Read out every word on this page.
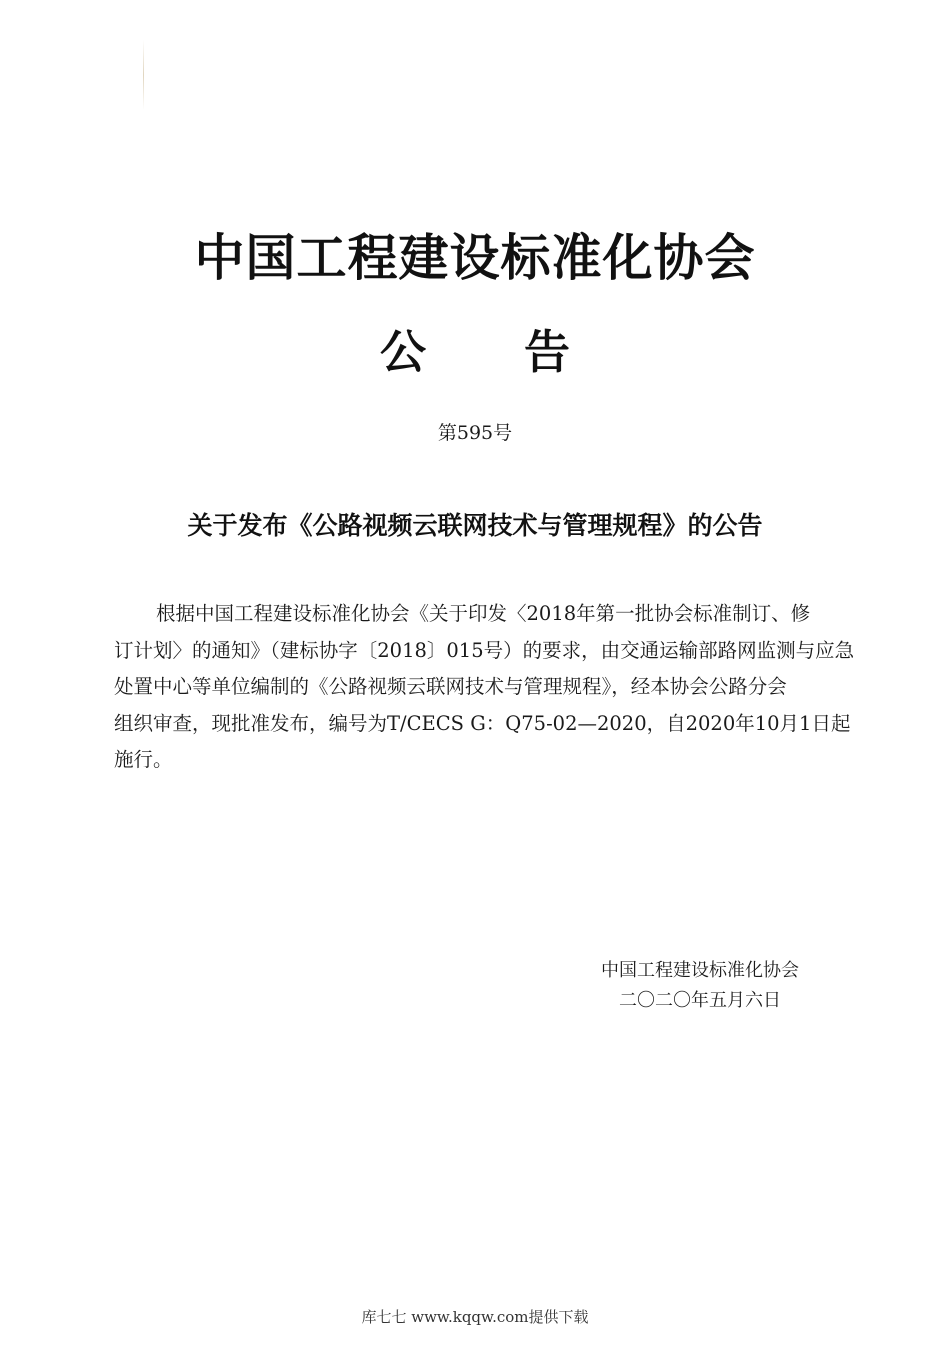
中国工程建设标准化协会
公 告
第595号
关于发布《公路视频云联网技术与管理规程》的公告
根据中国工程建设标准化协会《关于印发〈2018年第一批协会标准制订、修
订计划〉的通知》（建标协字〔2018〕015号）的要求，由交通运输部路网监测与应急
处置中心等单位编制的《公路视频云联网技术与管理规程》，经本协会公路分会
组织审查，现批准发布，编号为T/CECS G：Q75-02—2020，自2020年10月1日起
施行。
中国工程建设标准化协会
二〇二〇年五月六日
库七七 www.kqqw.com提供下载
